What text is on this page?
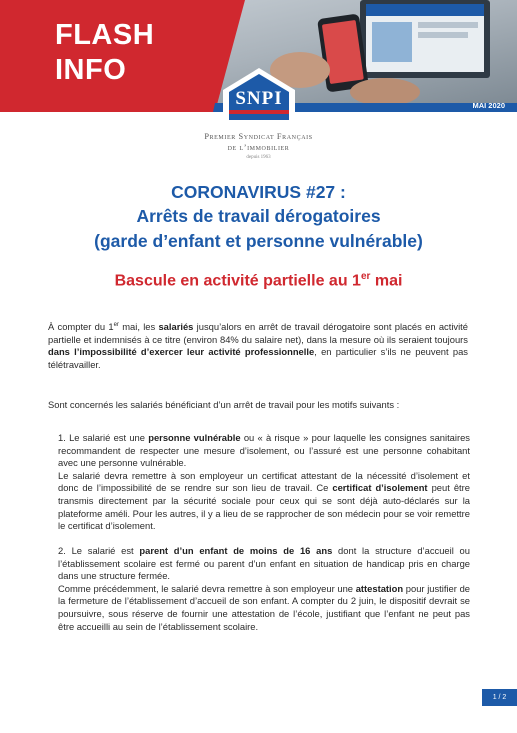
FLASH
INFO
SNPI	MAI 2020
Premier Syndicat Français
de l’immobilier
depuis 1963
CORONAVIRUS #27 :
Arrêts de travail dérogatoires
(garde d’enfant et personne vulnérable)
Bascule en activité partielle au 1er mai
À compter du 1er mai, les salariés jusqu’alors en arrêt de travail dérogatoire sont placés en activité partielle et indemnisés à ce titre (environ 84% du salaire net), dans la mesure où ils seraient toujours dans l’impossibilité d’exercer leur activité professionnelle, en particulier s’ils ne peuvent pas télétravailler.
Sont concernés les salariés bénéficiant d’un arrêt de travail pour les motifs suivants :
1. Le salarié est une personne vulnérable ou « à risque » pour laquelle les consignes sanitaires recommandent de respecter une mesure d’isolement, ou l’assuré est une personne cohabitant avec une personne vulnérable.
Le salarié devra remettre à son employeur un certificat attestant de la nécessité d’isolement et donc de l’impossibilité de se rendre sur son lieu de travail. Ce certificat d’isolement peut être transmis directement par la sécurité sociale pour ceux qui se sont déjà auto-déclarés sur la plateforme améli. Pour les autres, il y a lieu de se rapprocher de son médecin pour se voir remettre le certificat d’isolement.
2. Le salarié est parent d’un enfant de moins de 16 ans dont la structure d’accueil ou l’établissement scolaire est fermé ou parent d’un enfant en situation de handicap pris en charge dans une structure fermée.
Comme précédemment, le salarié devra remettre à son employeur une attestation pour justifier de la fermeture de l’établissement d’accueil de son enfant. A compter du 2 juin, le dispositif devrait se poursuivre, sous réserve de fournir une attestation de l’école, justifiant que l’enfant ne peut pas être accueilli au sein de l’établissement scolaire.
1 / 2
